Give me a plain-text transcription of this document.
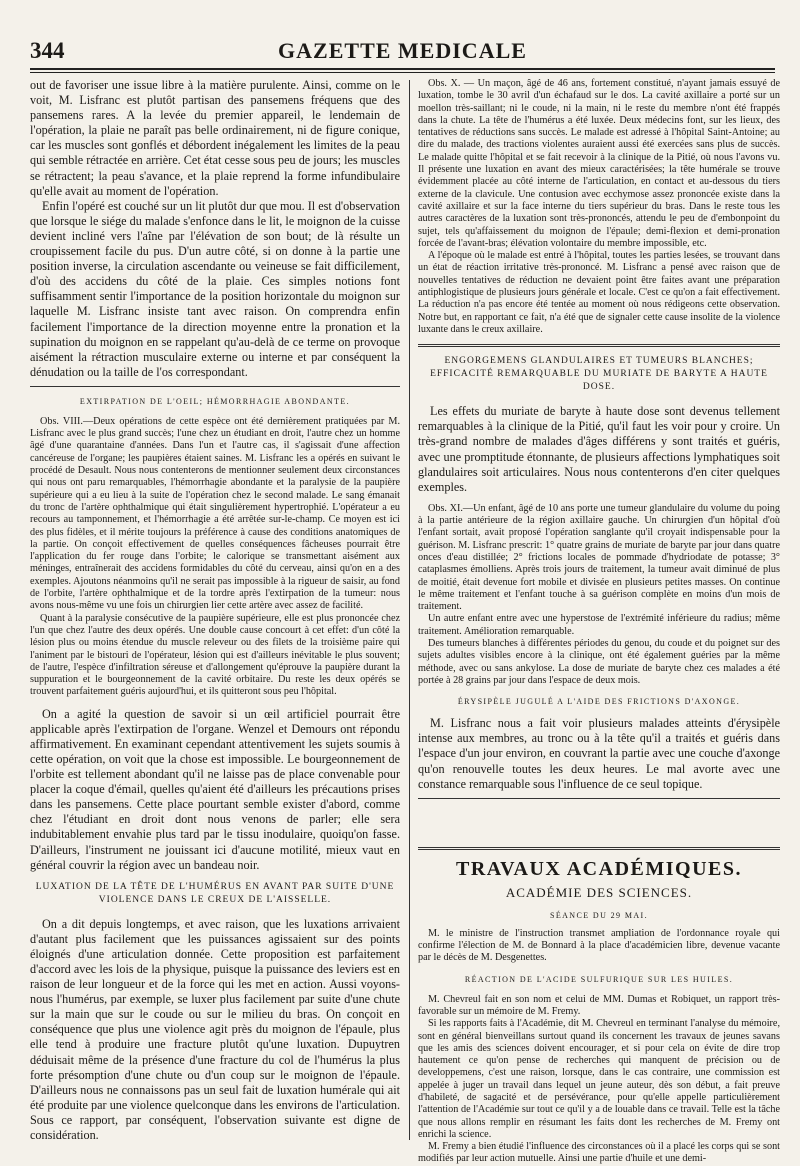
344	GAZETTE MEDICALE

out de favoriser une issue libre à la matière purulente. Ainsi, comme on le voit, M. Lisfranc est plutôt partisan des pansemens fréquens que des pansemens rares. A la levée du premier appareil, le lendemain de l'opération, la plaie ne paraît pas belle ordinairement, ni de figure conique, car les muscles sont gonflés et débordent inégalement les limites de la peau qui semble rétractée en arrière. Cet état cesse sous peu de jours; les muscles se rétractent; la peau s'avance, et la plaie reprend la forme infundibulaire qu'elle avait au moment de l'opération.

Enfin l'opéré est couché sur un lit plutôt dur que mou. Il est d'observation que lorsque le siége du malade s'enfonce dans le lit, le moignon de la cuisse devient incliné vers l'aîne par l'élévation de son bout; de là résulte un croupissement facile du pus. D'un autre côté, si on donne à la partie une position inverse, la circulation ascendante ou veineuse se fait difficilement, d'où des accidens du côté de la plaie. Ces simples notions font suffisamment sentir l'importance de la position horizontale du moignon sur laquelle M. Lisfranc insiste tant avec raison. On comprendra enfin facilement l'importance de la direction moyenne entre la pronation et la supination du moignon en se rappelant qu'au-delà de ce terme on provoque aisément la rétraction musculaire externe ou interne et par conséquent la dénudation ou la taille de l'os correspondant.

EXTIRPATION DE L'OEIL; HÉMORRHAGIE ABONDANTE.

Obs. VIII.—Deux opérations de cette espèce ont été dernièrement pratiquées par M. Lisfranc avec le plus grand succès; l'une chez un étudiant en droit, l'autre chez un homme âgé d'une quarantaine d'années. Dans l'un et l'autre cas, il s'agissait d'une affection cancéreuse de l'organe; les paupières étaient saines. M. Lisfranc les a opérés en suivant le procédé de Desault. Nous nous contenterons de mentionner seulement deux circonstances qui nous ont paru remarquables, l'hémorrhagie abondante et la paralysie de la paupière supérieure qui a eu lieu à la suite de l'opération chez le second malade. Le sang émanait du tronc de l'artère ophthalmique qui était singulièrement hypertrophié. L'opérateur a eu recours au tamponnement, et l'hémorrhagie a été arrêtée sur-le-champ. Ce moyen est ici des plus fidèles, et il mérite toujours la préférence à cause des conditions anatomiques de la partie. On conçoit effectivement de quelles conséquences fâcheuses pourrait être l'application du fer rouge dans l'orbite; le calorique se transmettant aisément aux méninges, entraînerait des accidens formidables du côté du cerveau, ainsi qu'on en a des exemples. Ajoutons néanmoins qu'il ne serait pas impossible à la rigueur de saisir, au fond de l'orbite, l'artère ophthalmique et de la tordre après l'extirpation de la tumeur: nous avons nous-même vu une fois un chirurgien lier cette artère avec assez de facilité.

Quant à la paralysie consécutive de la paupière supérieure, elle est plus prononcée chez l'un que chez l'autre des deux opérés. Une double cause concourt à cet effet: d'un côté la lésion plus ou moins étendue du muscle releveur ou des filets de la troisième paire qui l'animent par le bistouri de l'opérateur, lésion qui est d'ailleurs inévitable le plus souvent; de l'autre, l'espèce d'infiltration séreuse et d'allongement qu'éprouve la paupière durant la suppuration et le bourgeonnement de la cavité orbitaire. Du reste les deux opérés se trouvent parfaitement guéris aujourd'hui, et ils quitteront sous peu l'hôpital.

On a agité la question de savoir si un œil artificiel pourrait être applicable après l'extirpation de l'organe. Wenzel et Demours ont répondu affirmativement. En examinant cependant attentivement les sujets soumis à cette opération, on voit que la chose est impossible. Le bourgeonnement de l'orbite est tellement abondant qu'il ne laisse pas de place convenable pour placer la coque d'émail, quelles qu'aient été d'ailleurs les précautions prises dans les pansemens. Cette place pourtant semble exister d'abord, comme chez l'étudiant en droit dont nous venons de parler; elle sera indubitablement envahie plus tard par le tissu inodulaire, quoiqu'on fasse. D'ailleurs, l'instrument ne jouissant ici d'aucune motilité, mieux vaut en général couvrir la région avec un bandeau noir.

LUXATION DE LA TÊTE DE L'HUMÉRUS EN AVANT PAR SUITE D'UNE VIOLENCE DANS LE CREUX DE L'AISSELLE.

On a dit depuis longtemps, et avec raison, que les luxations arrivaient d'autant plus facilement que les puissances agissaient sur des points éloignés d'une articulation donnée. Cette proposition est parfaitement d'accord avec les lois de la physique, puisque la puissance des leviers est en raison de leur longueur et de la force qui les met en action. Aussi voyons-nous l'humérus, par exemple, se luxer plus facilement par suite d'une chute sur la main que sur le coude ou sur le milieu du bras. On conçoit en conséquence que plus une violence agit près du moignon de l'épaule, plus elle tend à produire une fracture plutôt qu'une luxation. Dupuytren déduisait même de la présence d'une fracture du col de l'humérus la plus forte présomption d'une chute ou d'un coup sur le moignon de l'épaule. D'ailleurs nous ne connaissons pas un seul fait de luxation humérale qui ait été produite par une violence quelconque dans les environs de l'articulation. Sous ce rapport, par conséquent, l'observation suivante est digne de considération.

Obs. X. — Un maçon, âgé de 46 ans, fortement constitué, n'ayant jamais essuyé de luxation, tombe le 30 avril d'un échafaud sur le dos. La cavité axillaire a porté sur un moellon très-saillant; ni le coude, ni la main, ni le reste du membre n'ont été frappés dans la chute. La tête de l'humérus a été luxée. Deux médecins font, sur les lieux, des tentatives de réductions sans succès. Le malade est adressé à l'hôpital Saint-Antoine; au dire du malade, des tractions violentes auraient aussi été exercées sans plus de succès. Le malade quitte l'hôpital et se fait recevoir à la clinique de la Pitié, où nous l'avons vu. Il présente une luxation en avant des mieux caractérisées; la tête humérale se trouve évidemment placée au côté interne de l'articulation, en contact et au-dessous du tiers externe de la clavicule. Une contusion avec ecchymose assez prononcée existe dans la cavité axillaire et sur la face interne du tiers supérieur du bras. Dans le reste tous les autres caractères de la luxation sont très-prononcés, attendu le peu de d'embonpoint du sujet, tels qu'affaissement du moignon de l'épaule; demi-flexion et demi-pronation forcée de l'avant-bras; élévation volontaire du membre impossible, etc.

A l'époque où le malade est entré à l'hôpital, toutes les parties lesées, se trouvant dans un état de réaction irritative très-prononcé. M. Lisfranc a pensé avec raison que de nouvelles tentatives de réduction ne devaient point être faites avant une préparation antiphlogistique de plusieurs jours générale et locale. C'est ce qu'on a fait effectivement. La réduction n'a pas encore été tentée au moment où nous rédigeons cette observation. Notre but, en rapportant ce fait, n'a été que de signaler cette cause insolite de la violence luxante dans le creux axillaire.

ENGORGEMENS GLANDULAIRES ET TUMEURS BLANCHES; EFFICACITÉ REMARQUABLE DU MURIATE DE BARYTE A HAUTE DOSE.

Les effets du muriate de baryte à haute dose sont devenus tellement remarquables à la clinique de la Pitié, qu'il faut les voir pour y croire. Un très-grand nombre de malades d'âges différens y sont traités et guéris, avec une promptitude étonnante, de plusieurs affections lymphatiques soit glandulaires soit articulaires. Nous nous contenterons d'en citer quelques exemples.

Obs. XI.—Un enfant, âgé de 10 ans porte une tumeur glandulaire du volume du poing à la partie antérieure de la région axillaire gauche. Un chirurgien d'un hôpital d'où l'enfant sortait, avait proposé l'opération sanglante qu'il croyait indispensable pour la guérison. M. Lisfranc prescrit: 1° quatre grains de muriate de baryte par jour dans quatre onces d'eau distillée; 2° frictions locales de pommade d'hydriodate de potasse; 3° cataplasmes émolliens. Après trois jours de traitement, la tumeur avait diminué de plus de moitié, était devenue fort mobile et divisée en plusieurs petites masses. On continue le même traitement et l'enfant touche à sa guérison complète en moins d'un mois de traitement.

Un autre enfant entre avec une hyperstose de l'extrémité inférieure du radius; même traitement. Amélioration remarquable.

Des tumeurs blanches à différentes périodes du genou, du coude et du poignet sur des sujets adultes visibles encore à la clinique, ont été également guéries par la même méthode, avec ou sans ankylose. La dose de muriate de baryte chez ces malades a été portée à 28 grains par jour dans l'espace de deux mois.

ÉRYSIPÈLE JUGULÉ A L'AIDE DES FRICTIONS D'AXONGE.

M. Lisfranc nous a fait voir plusieurs malades atteints d'érysipèle intense aux membres, au tronc ou à la tête qu'il a traités et guéris dans l'espace d'un jour environ, en couvrant la partie avec une couche d'axonge qu'on renouvelle toutes les deux heures. Le mal avorte avec une constance remarquable sous l'influence de ce seul topique.

TRAVAUX ACADÉMIQUES.

ACADÉMIE DES SCIENCES.

SÉANCE DU 29 MAI.

M. le ministre de l'instruction transmet ampliation de l'ordonnance royale qui confirme l'élection de M. de Bonnard à la place d'académicien libre, devenue vacante par le décès de M. Desgenettes.

RÉACTION DE L'ACIDE SULFURIQUE SUR LES HUILES.

M. Chevreul fait en son nom et celui de MM. Dumas et Robiquet, un rapport très-favorable sur un mémoire de M. Fremy.

Si les rapports faits à l'Académie, dit M. Chevreul en terminant l'analyse du mémoire, sont en général bienveillans surtout quand ils concernent les travaux de jeunes savans que les amis des sciences doivent encourager, et si pour cela on évite de dire trop hautement ce qu'on pense de recherches qui manquent de précision ou de developpemens, c'est une raison, lorsque, dans le cas contraire, une commission est appelée à juger un travail dans lequel un jeune auteur, dès son début, a fait preuve d'habileté, de sagacité et de persévérance, pour qu'elle appelle particulièrement l'attention de l'Académie sur tout ce qu'il y a de louable dans ce travail. Telle est la tâche que nous allons remplir en résumant les faits dont les recherches de M. Fremy ont enrichi la science.

M. Fremy a bien étudié l'influence des circonstances où il a placé les corps qui se sont modifiés par leur action mutuelle. Ainsi une partie d'huile et une demi-
